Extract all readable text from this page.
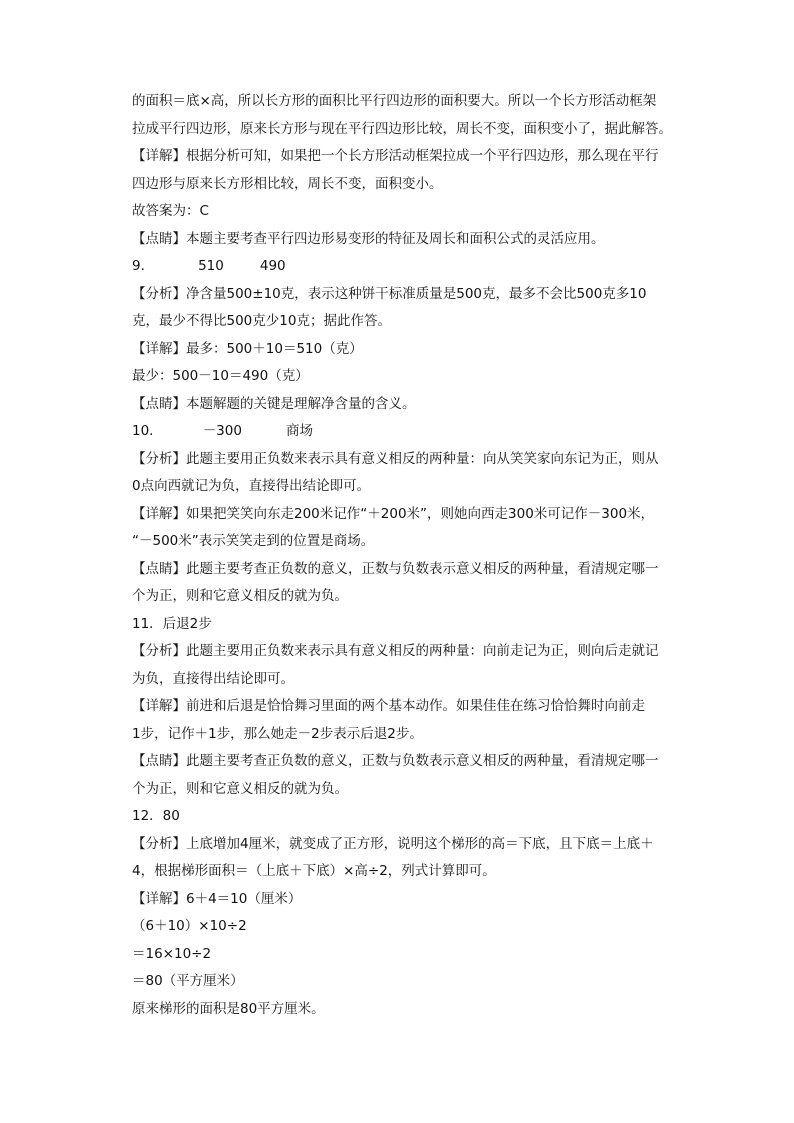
的面积＝底×高，所以长方形的面积比平行四边形的面积要大。所以一个长方形活动框架
拉成平行四边形，原来长方形与现在平行四边形比较，周长不变，面积变小了，据此解答。
【详解】根据分析可知，如果把一个长方形活动框架拉成一个平行四边形，那么现在平行
四边形与原来长方形相比较，周长不变，面积变小。
故答案为：C
【点睛】本题主要考查平行四边形易变形的特征及周长和面积公式的灵活应用。
9．	510	490
【分析】净含量500±10克，表示这种饼干标准质量是500克，最多不会比500克多10
克，最少不得比500克少10克；据此作答。
【详解】最多：500＋10＝510（克）
最少：500－10＝490（克）
【点睛】本题解题的关键是理解净含量的含义。
10．	－300	商场
【分析】此题主要用正负数来表示具有意义相反的两种量：向从笑笑家向东记为正，则从
0点向西就记为负，直接得出结论即可。
【详解】如果把笑笑向东走200米记作“＋200米”，则她向西走300米可记作－300米，
“－500米”表示笑笑走到的位置是商场。
【点睛】此题主要考查正负数的意义，正数与负数表示意义相反的两种量，看清规定哪一
个为正，则和它意义相反的就为负。
11．后退2步
【分析】此题主要用正负数来表示具有意义相反的两种量：向前走记为正，则向后走就记
为负，直接得出结论即可。
【详解】前进和后退是恰恰舞习里面的两个基本动作。如果佳佳在练习恰恰舞时向前走
1步，记作＋1步，那么她走－2步表示后退2步。
【点睛】此题主要考查正负数的意义，正数与负数表示意义相反的两种量，看清规定哪一
个为正，则和它意义相反的就为负。
12．80
【分析】上底增加4厘米，就变成了正方形，说明这个梯形的高＝下底，且下底＝上底＋
4，根据梯形面积＝（上底＋下底）×高÷2，列式计算即可。
【详解】6＋4＝10（厘米）
（6＋10）×10÷2
＝16×10÷2
＝80（平方厘米）
原来梯形的面积是80平方厘米。
